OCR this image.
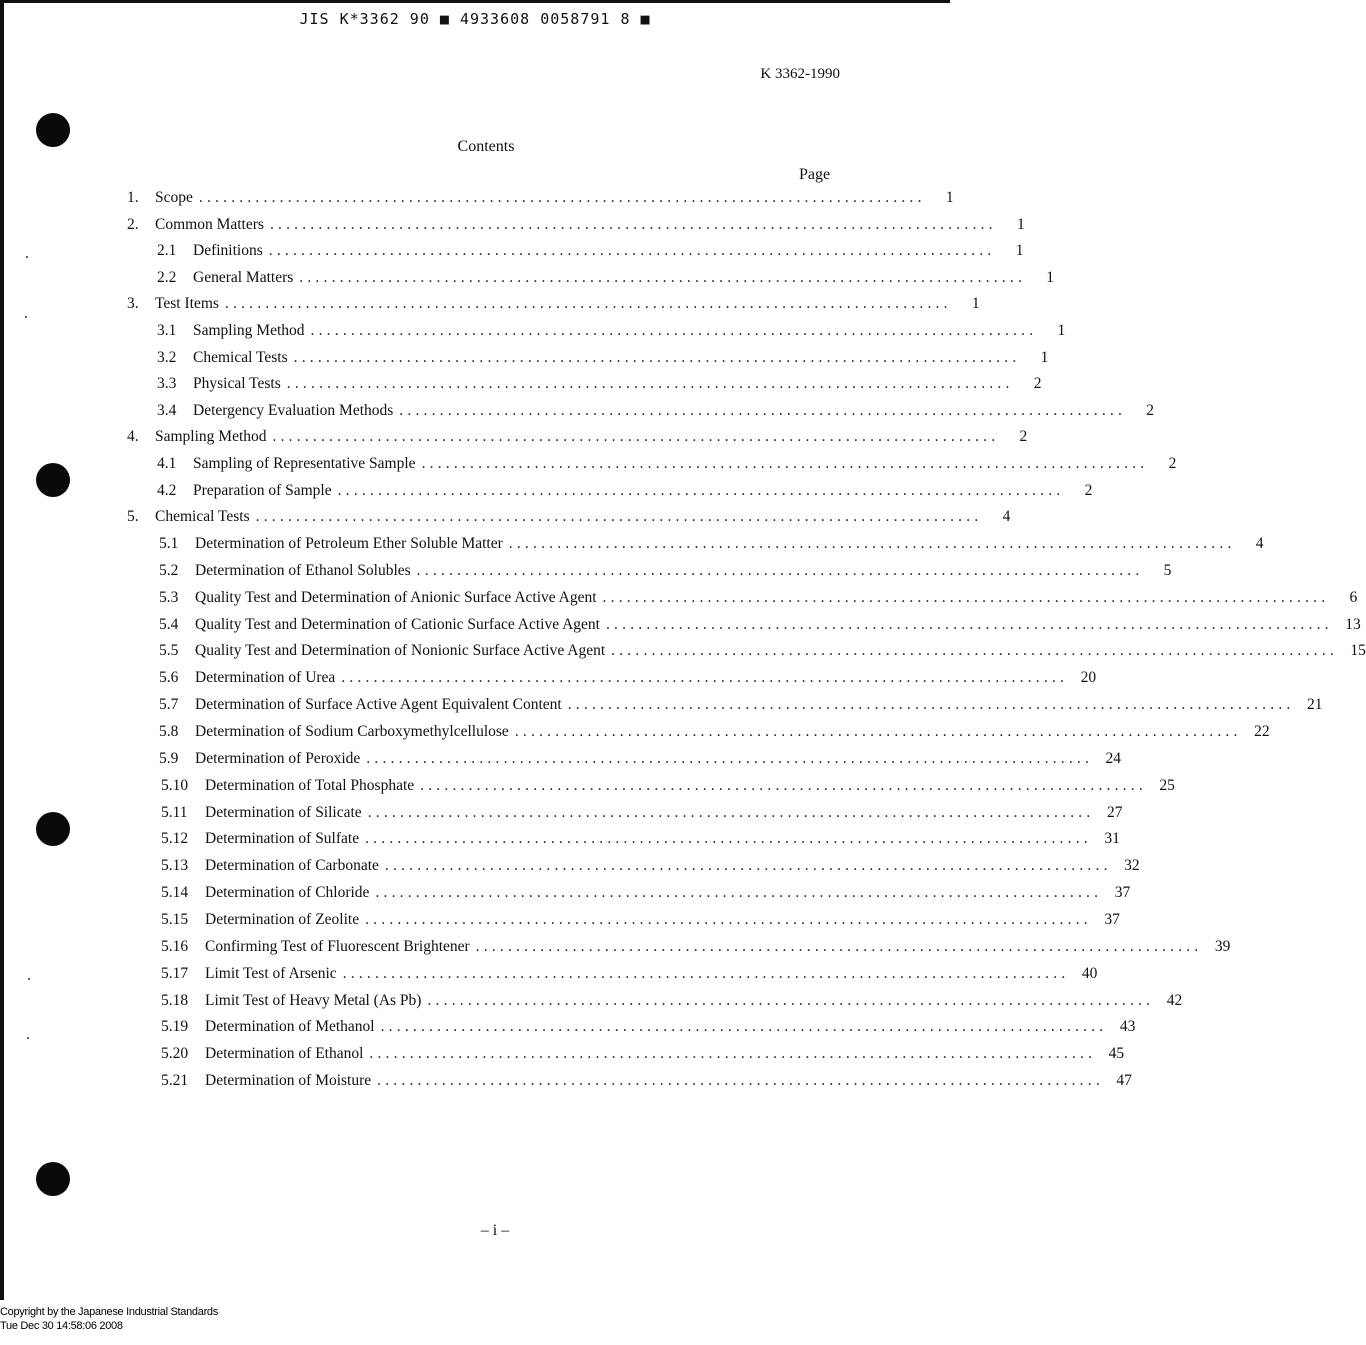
JIS K*3362 90 ■ 4933608 0058791 8 ■
K 3362-1990
Contents
Page
1.	Scope ..........................................................................................	1
2.	Common Matters ..........................................................................................	1
2.1	Definitions ..........................................................................................	1
2.2	General Matters ..........................................................................................	1
3.	Test Items ..........................................................................................	1
3.1	Sampling Method ..........................................................................................	1
3.2	Chemical Tests ..........................................................................................	1
3.3	Physical Tests ..........................................................................................	2
3.4	Detergency Evaluation Methods ..........................................................................................	2
4.	Sampling Method ..........................................................................................	2
4.1	Sampling of Representative Sample ..........................................................................................	2
4.2	Preparation of Sample ..........................................................................................	2
5.	Chemical Tests ..........................................................................................	4
5.1	Determination of Petroleum Ether Soluble Matter ..........................................................................................	4
5.2	Determination of Ethanol Solubles ..........................................................................................	5
5.3	Quality Test and Determination of Anionic Surface Active Agent ..........................................................................................	6
5.4	Quality Test and Determination of Cationic Surface Active Agent .......................................................................................... 13
5.5	Quality Test and Determination of Nonionic Surface Active Agent .......................................................................................... 15
5.6	Determination of Urea .......................................................................................... 20
5.7	Determination of Surface Active Agent Equivalent Content .......................................................................................... 21
5.8	Determination of Sodium Carboxymethylcellulose .......................................................................................... 22
5.9	Determination of Peroxide .......................................................................................... 24
5.10	Determination of Total Phosphate .......................................................................................... 25
5.11	Determination of Silicate .......................................................................................... 27
5.12	Determination of Sulfate .......................................................................................... 31
5.13	Determination of Carbonate .......................................................................................... 32
5.14	Determination of Chloride .......................................................................................... 37
5.15	Determination of Zeolite .......................................................................................... 37
5.16	Confirming Test of Fluorescent Brightener .......................................................................................... 39
5.17	Limit Test of Arsenic .......................................................................................... 40
5.18	Limit Test of Heavy Metal (As Pb) .......................................................................................... 42
5.19	Determination of Methanol .......................................................................................... 43
5.20	Determination of Ethanol .......................................................................................... 45
5.21	Determination of Moisture .......................................................................................... 47
– i –
Copyright by the Japanese Industrial Standards
Tue Dec 30 14:58:06 2008
